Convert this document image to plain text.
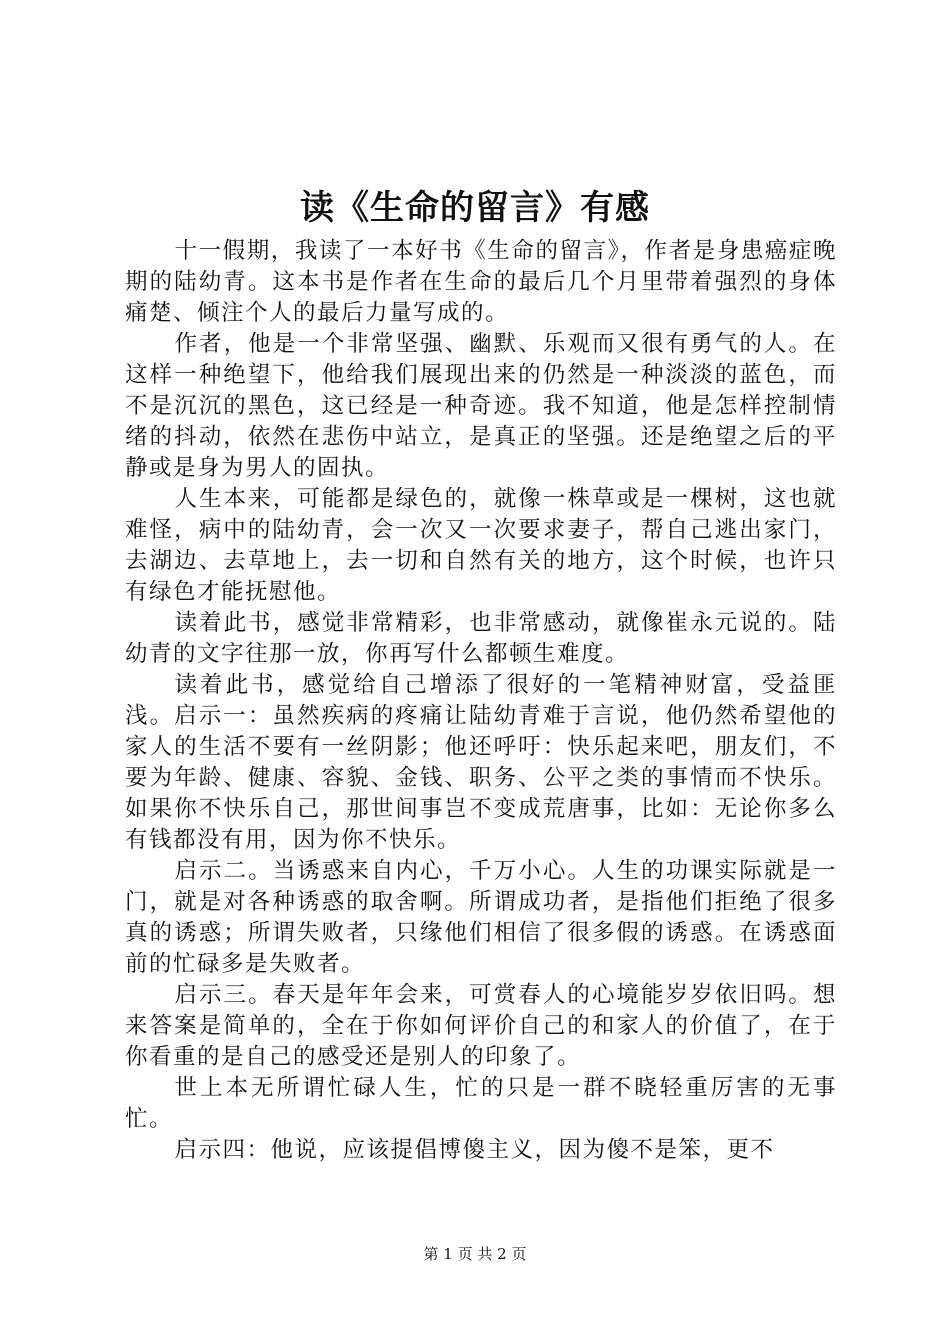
读《生命的留言》有感

十一假期，我读了一本好书《生命的留言》，作者是身患癌症晚期的陆幼青。这本书是作者在生命的最后几个月里带着强烈的身体痛楚、倾注个人的最后力量写成的。

作者，他是一个非常坚强、幽默、乐观而又很有勇气的人。在这样一种绝望下，他给我们展现出来的仍然是一种淡淡的蓝色，而不是沉沉的黑色，这已经是一种奇迹。我不知道，他是怎样控制情绪的抖动，依然在悲伤中站立，是真正的坚强。还是绝望之后的平静或是身为男人的固执。

人生本来，可能都是绿色的，就像一株草或是一棵树，这也就难怪，病中的陆幼青，会一次又一次要求妻子，帮自己逃出家门，去湖边、去草地上，去一切和自然有关的地方，这个时候，也许只有绿色才能抚慰他。

读着此书，感觉非常精彩，也非常感动，就像崔永元说的。陆幼青的文字往那一放，你再写什么都顿生难度。

读着此书，感觉给自己增添了很好的一笔精神财富，受益匪浅。启示一：虽然疾病的疼痛让陆幼青难于言说，他仍然希望他的家人的生活不要有一丝阴影；他还呼吁：快乐起来吧，朋友们，不要为年龄、健康、容貌、金钱、职务、公平之类的事情而不快乐。如果你不快乐自己，那世间事岂不变成荒唐事，比如：无论你多么有钱都没有用，因为你不快乐。

启示二。当诱惑来自内心，千万小心。人生的功课实际就是一门，就是对各种诱惑的取舍啊。所谓成功者，是指他们拒绝了很多真的诱惑；所谓失败者，只缘他们相信了很多假的诱惑。在诱惑面前的忙碌多是失败者。

启示三。春天是年年会来，可赏春人的心境能岁岁依旧吗。想来答案是简单的，全在于你如何评价自己的和家人的价值了，在于你看重的是自己的感受还是别人的印象了。

世上本无所谓忙碌人生，忙的只是一群不晓轻重厉害的无事忙。

启示四：他说，应该提倡博傻主义，因为傻不是笨，更不

第 1 页 共 2 页
